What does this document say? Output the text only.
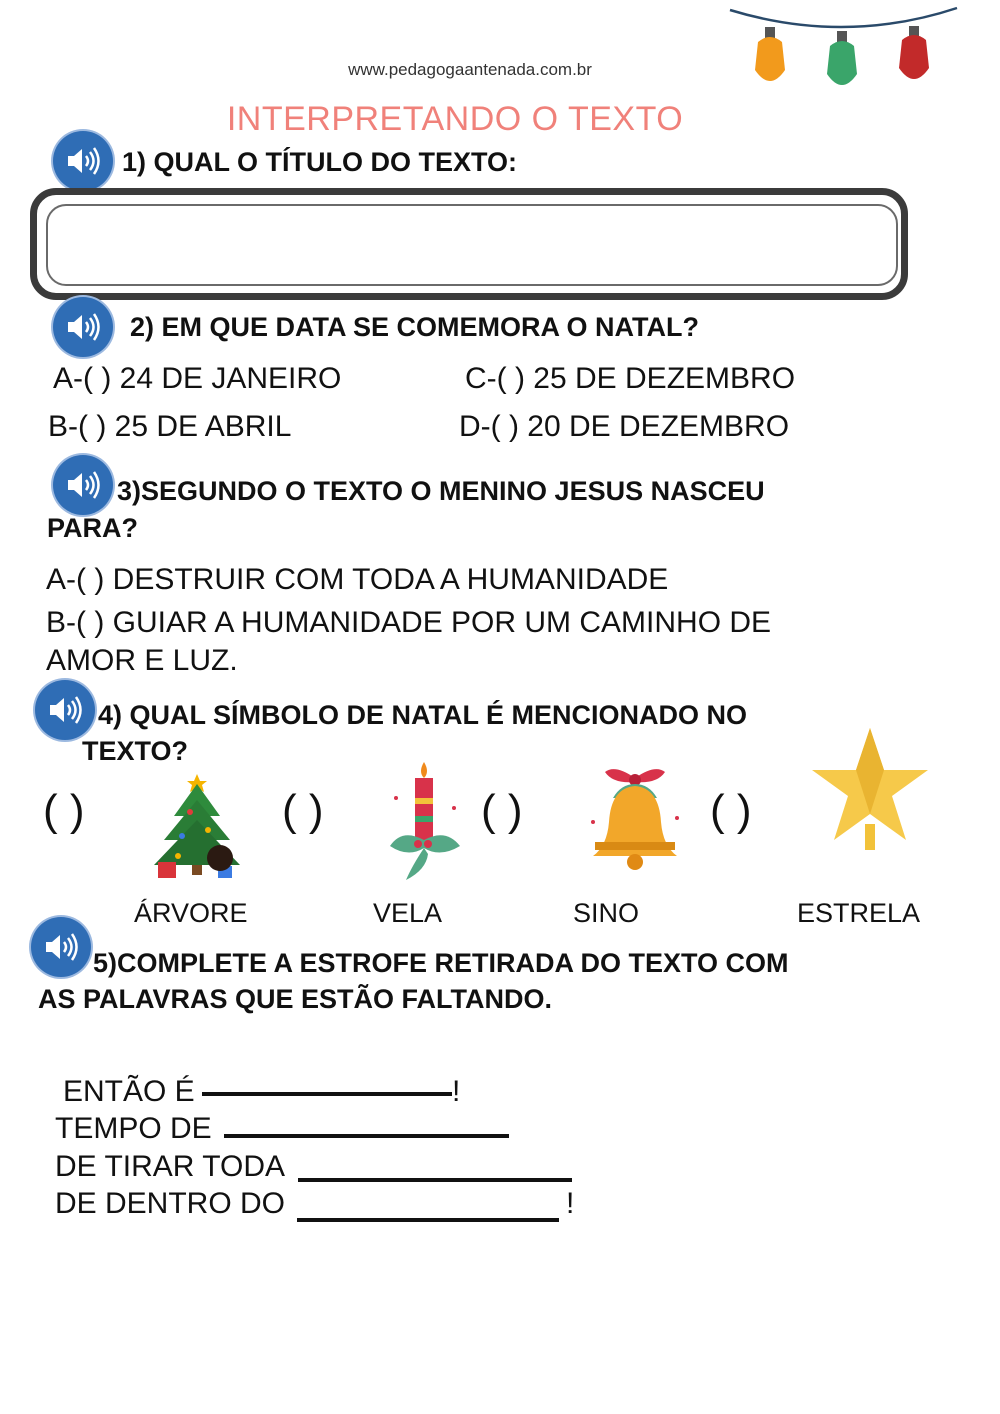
www.pedagogaantenada.com.br
INTERPRETANDO O TEXTO
1) QUAL O TÍTULO DO TEXTO:
2) EM QUE DATA SE COMEMORA O NATAL?
A-( ) 24 DE JANEIRO	C-( ) 25 DE DEZEMBRO
B-( ) 25 DE ABRIL	D-( ) 20 DE DEZEMBRO
3)SEGUNDO O TEXTO O MENINO JESUS NASCEU
PARA?
A-( ) DESTRUIR COM TODA A HUMANIDADE
B-( ) GUIAR A HUMANIDADE POR UM CAMINHO DE
AMOR E LUZ.
4) QUAL SÍMBOLO DE NATAL É MENCIONADO NO
TEXTO?
( )	( )	( )	( )
ÁRVORE	VELA	SINO	ESTRELA
5)COMPLETE A ESTROFE RETIRADA DO TEXTO COM
AS PALAVRAS QUE ESTÃO FALTANDO.
ENTÃO É	!
TEMPO DE
DE TIRAR TODA
DE DENTRO DO	!
